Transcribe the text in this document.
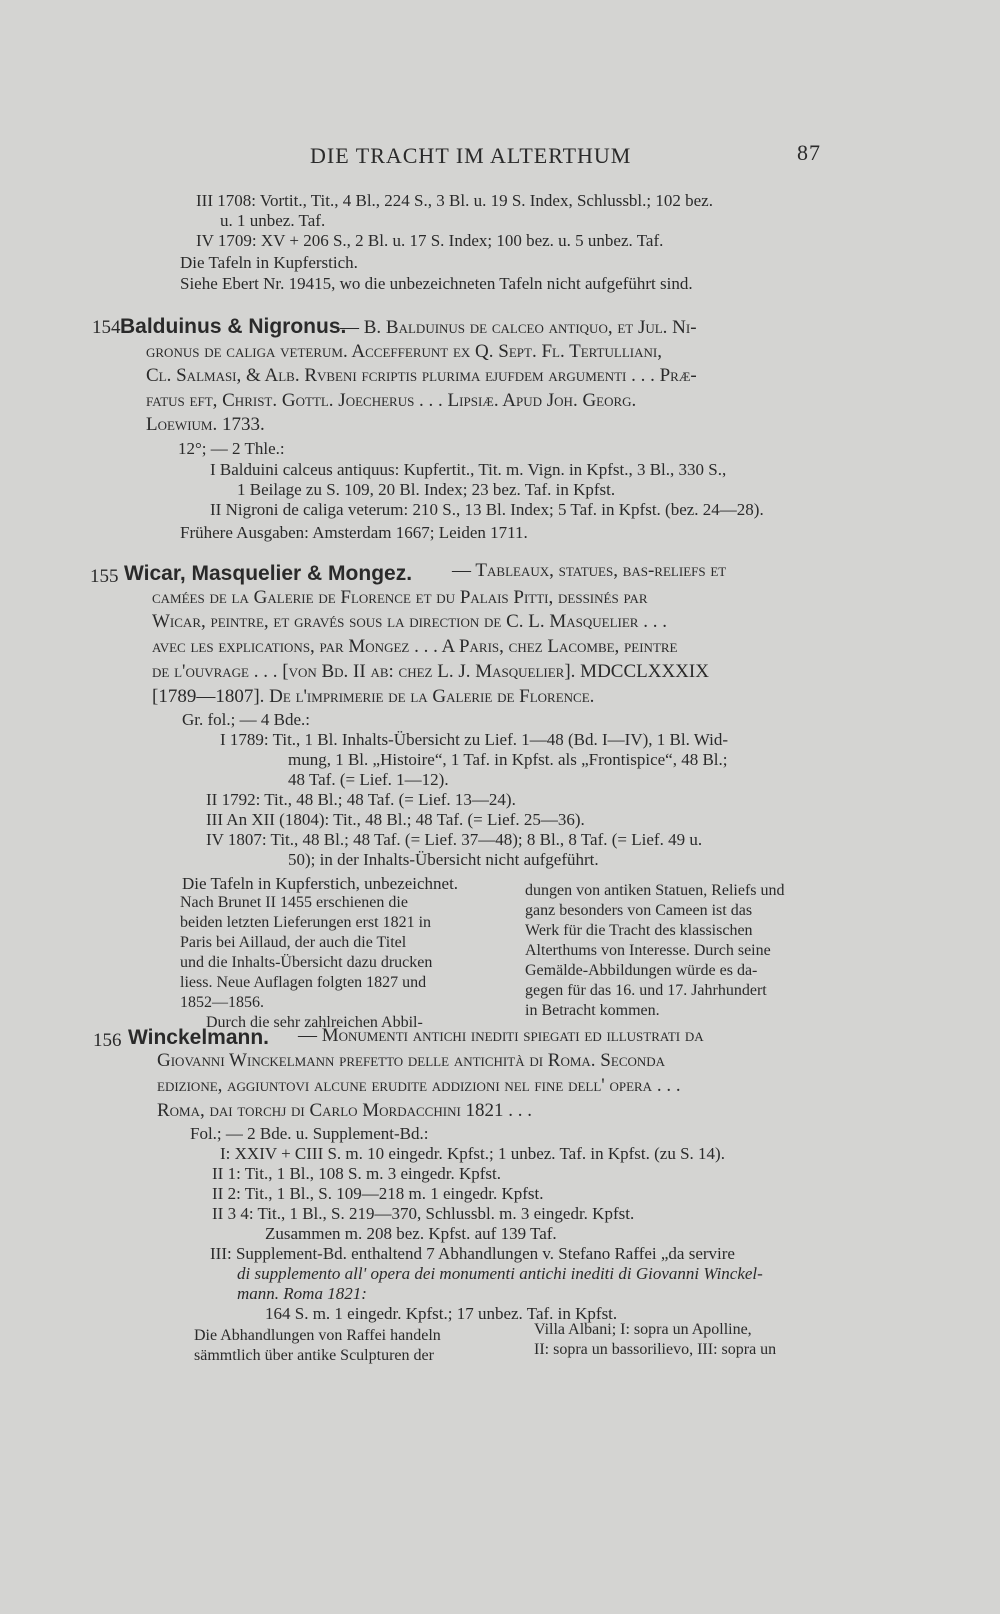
DIE TRACHT IM ALTERTHUM	87
III 1708: Vortit., Tit., 4 Bl., 224 S., 3 Bl. u. 19 S. Index, Schlussbl.; 102 bez.
u. 1 unbez. Taf.
IV 1709: XV + 206 S., 2 Bl. u. 17 S. Index; 100 bez. u. 5 unbez. Taf.
Die Tafeln in Kupferstich.
Siehe Ebert Nr. 19415, wo die unbezeichneten Tafeln nicht aufgeführt sind.
154 Balduinus & Nigronus.
— B. Balduinus de calceo antiquo, et Jul. Ni-
gronus de caliga veterum. Accefferunt ex Q. Sept. Fl. Tertulliani,
Cl. Salmasi, & Alb. Rvbeni fcriptis plurima ejufdem argumenti . . . Præ-
fatus eft, Christ. Gottl. Joecherus . . . Lipsiæ. Apud Joh. Georg.
Loewium. 1733.
12°; — 2 Thle.:
I Balduini calceus antiquus: Kupfertit., Tit. m. Vign. in Kpfst., 3 Bl., 330 S.,
1 Beilage zu S. 109, 20 Bl. Index; 23 bez. Taf. in Kpfst.
II Nigroni de caliga veterum: 210 S., 13 Bl. Index; 5 Taf. in Kpfst. (bez. 24—28).
Frühere Ausgaben: Amsterdam 1667; Leiden 1711.
155 Wicar, Masquelier & Mongez. — Tableaux, statues, bas-reliefs et
camées de la Galerie de Florence et du Palais Pitti, dessinés par
Wicar, peintre, et gravés sous la direction de C. L. Masquelier . . .
avec les explications, par Mongez . . . A Paris, chez Lacombe, peintre
de l'ouvrage . . . [von Bd. II ab: chez L. J. Masquelier]. MDCCLXXXIX
[1789—1807]. De l'imprimerie de la Galerie de Florence.
Gr. fol.; — 4 Bde.:
I 1789: Tit., 1 Bl. Inhalts-Übersicht zu Lief. 1—48 (Bd. I—IV), 1 Bl. Wid-
mung, 1 Bl. „Histoire“, 1 Taf. in Kpfst. als „Frontispice“, 48 Bl.;
48 Taf. (= Lief. 1—12).
II 1792: Tit., 48 Bl.; 48 Taf. (= Lief. 13—24).
III An XII (1804): Tit., 48 Bl.; 48 Taf. (= Lief. 25—36).
IV 1807: Tit., 48 Bl.; 48 Taf. (= Lief. 37—48); 8 Bl., 8 Taf. (= Lief. 49 u.
50); in der Inhalts-Übersicht nicht aufgeführt.
Die Tafeln in Kupferstich, unbezeichnet.
Nach Brunet II 1455 erschienen die
beiden letzten Lieferungen erst 1821 in
Paris bei Aillaud, der auch die Titel
und die Inhalts-Übersicht dazu drucken
liess. Neue Auflagen folgten 1827 und
1852—1856.
Durch die sehr zahlreichen Abbil-
dungen von antiken Statuen, Reliefs und
ganz besonders von Cameen ist das
Werk für die Tracht des klassischen
Alterthums von Interesse. Durch seine
Gemälde-Abbildungen würde es da-
gegen für das 16. und 17. Jahrhundert
in Betracht kommen.
156 Winckelmann. — Monumenti antichi inediti spiegati ed illustrati da
Giovanni Winckelmann prefetto delle antichità di Roma. Seconda
edizione, aggiuntovi alcune erudite addizioni nel fine dell' opera . . .
Roma, dai torchj di Carlo Mordacchini 1821 . . .
Fol.; — 2 Bde. u. Supplement-Bd.:
I: XXIV + CIII S. m. 10 eingedr. Kpfst.; 1 unbez. Taf. in Kpfst. (zu S. 14).
II 1: Tit., 1 Bl., 108 S. m. 3 eingedr. Kpfst.
II 2: Tit., 1 Bl., S. 109—218 m. 1 eingedr. Kpfst.
II 3 4: Tit., 1 Bl., S. 219—370, Schlussbl. m. 3 eingedr. Kpfst.
Zusammen m. 208 bez. Kpfst. auf 139 Taf.
III: Supplement-Bd. enthaltend 7 Abhandlungen v. Stefano Raffei „da servire
di supplemento all' opera dei monumenti antichi inediti di Giovanni Winckel-
mann. Roma 1821:
164 S. m. 1 eingedr. Kpfst.; 17 unbez. Taf. in Kpfst.
Die Abhandlungen von Raffei handeln
sämmtlich über antike Sculpturen der
Villa Albani; I: sopra un Apolline,
II: sopra un bassorilievo, III: sopra un
